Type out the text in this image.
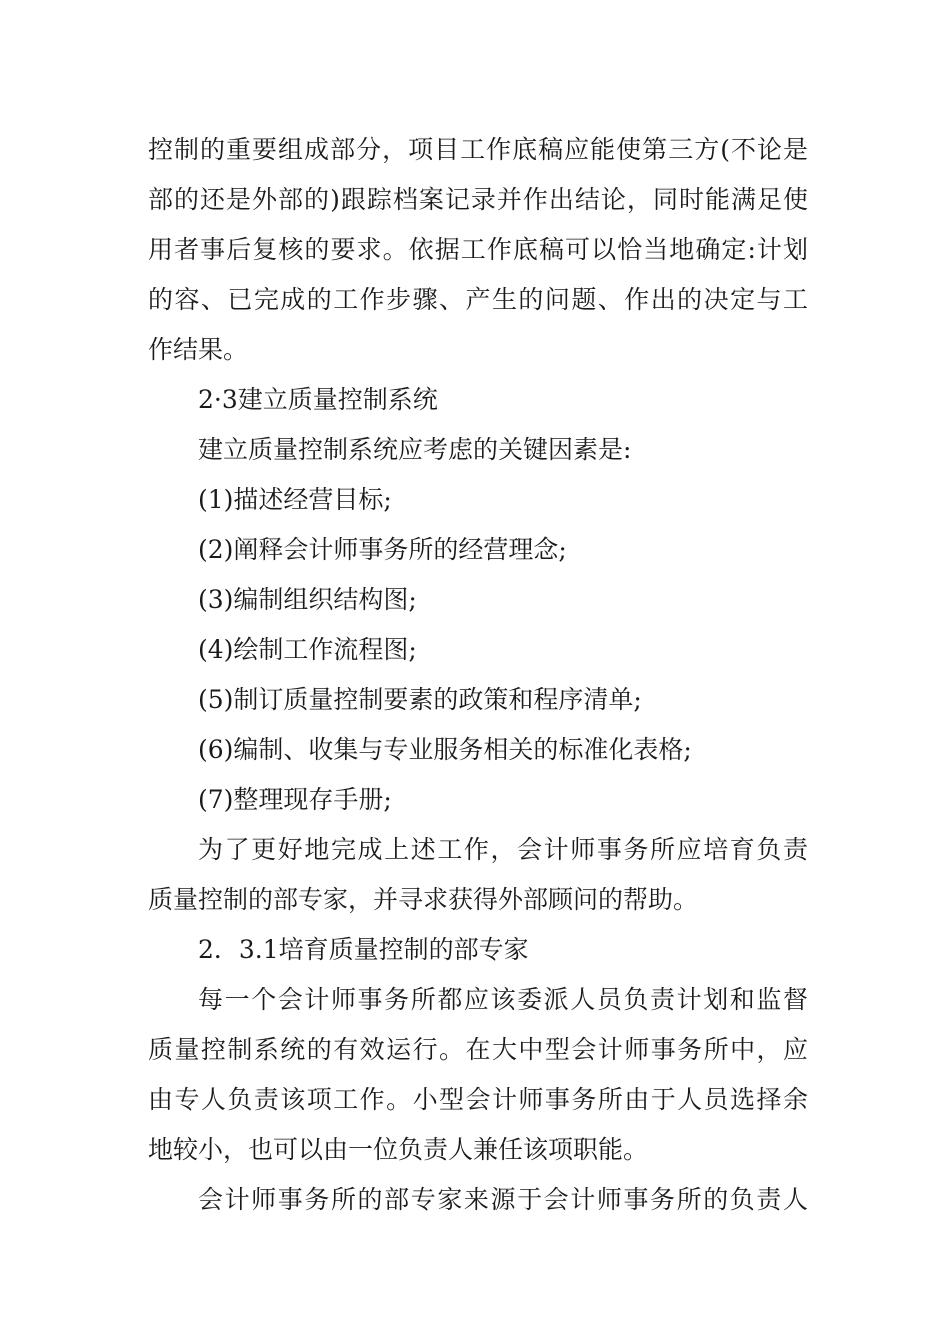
控制的重要组成部分，项目工作底稿应能使第三方(不论是
部的还是外部的)跟踪档案记录并作出结论，同时能满足使
用者事后复核的要求。依据工作底稿可以恰当地确定:计划
的容、已完成的工作步骤、产生的问题、作出的决定与工
作结果。
2·3建立质量控制系统
建立质量控制系统应考虑的关键因素是:
(1)描述经营目标;
(2)阐释会计师事务所的经营理念;
(3)编制组织结构图;
(4)绘制工作流程图;
(5)制订质量控制要素的政策和程序清单;
(6)编制、收集与专业服务相关的标准化表格;
(7)整理现存手册;
为了更好地完成上述工作，会计师事务所应培育负责
质量控制的部专家，并寻求获得外部顾问的帮助。
2．3.1培育质量控制的部专家
每一个会计师事务所都应该委派人员负责计划和监督
质量控制系统的有效运行。在大中型会计师事务所中，应
由专人负责该项工作。小型会计师事务所由于人员选择余
地较小，也可以由一位负责人兼任该项职能。
会计师事务所的部专家来源于会计师事务所的负责人
